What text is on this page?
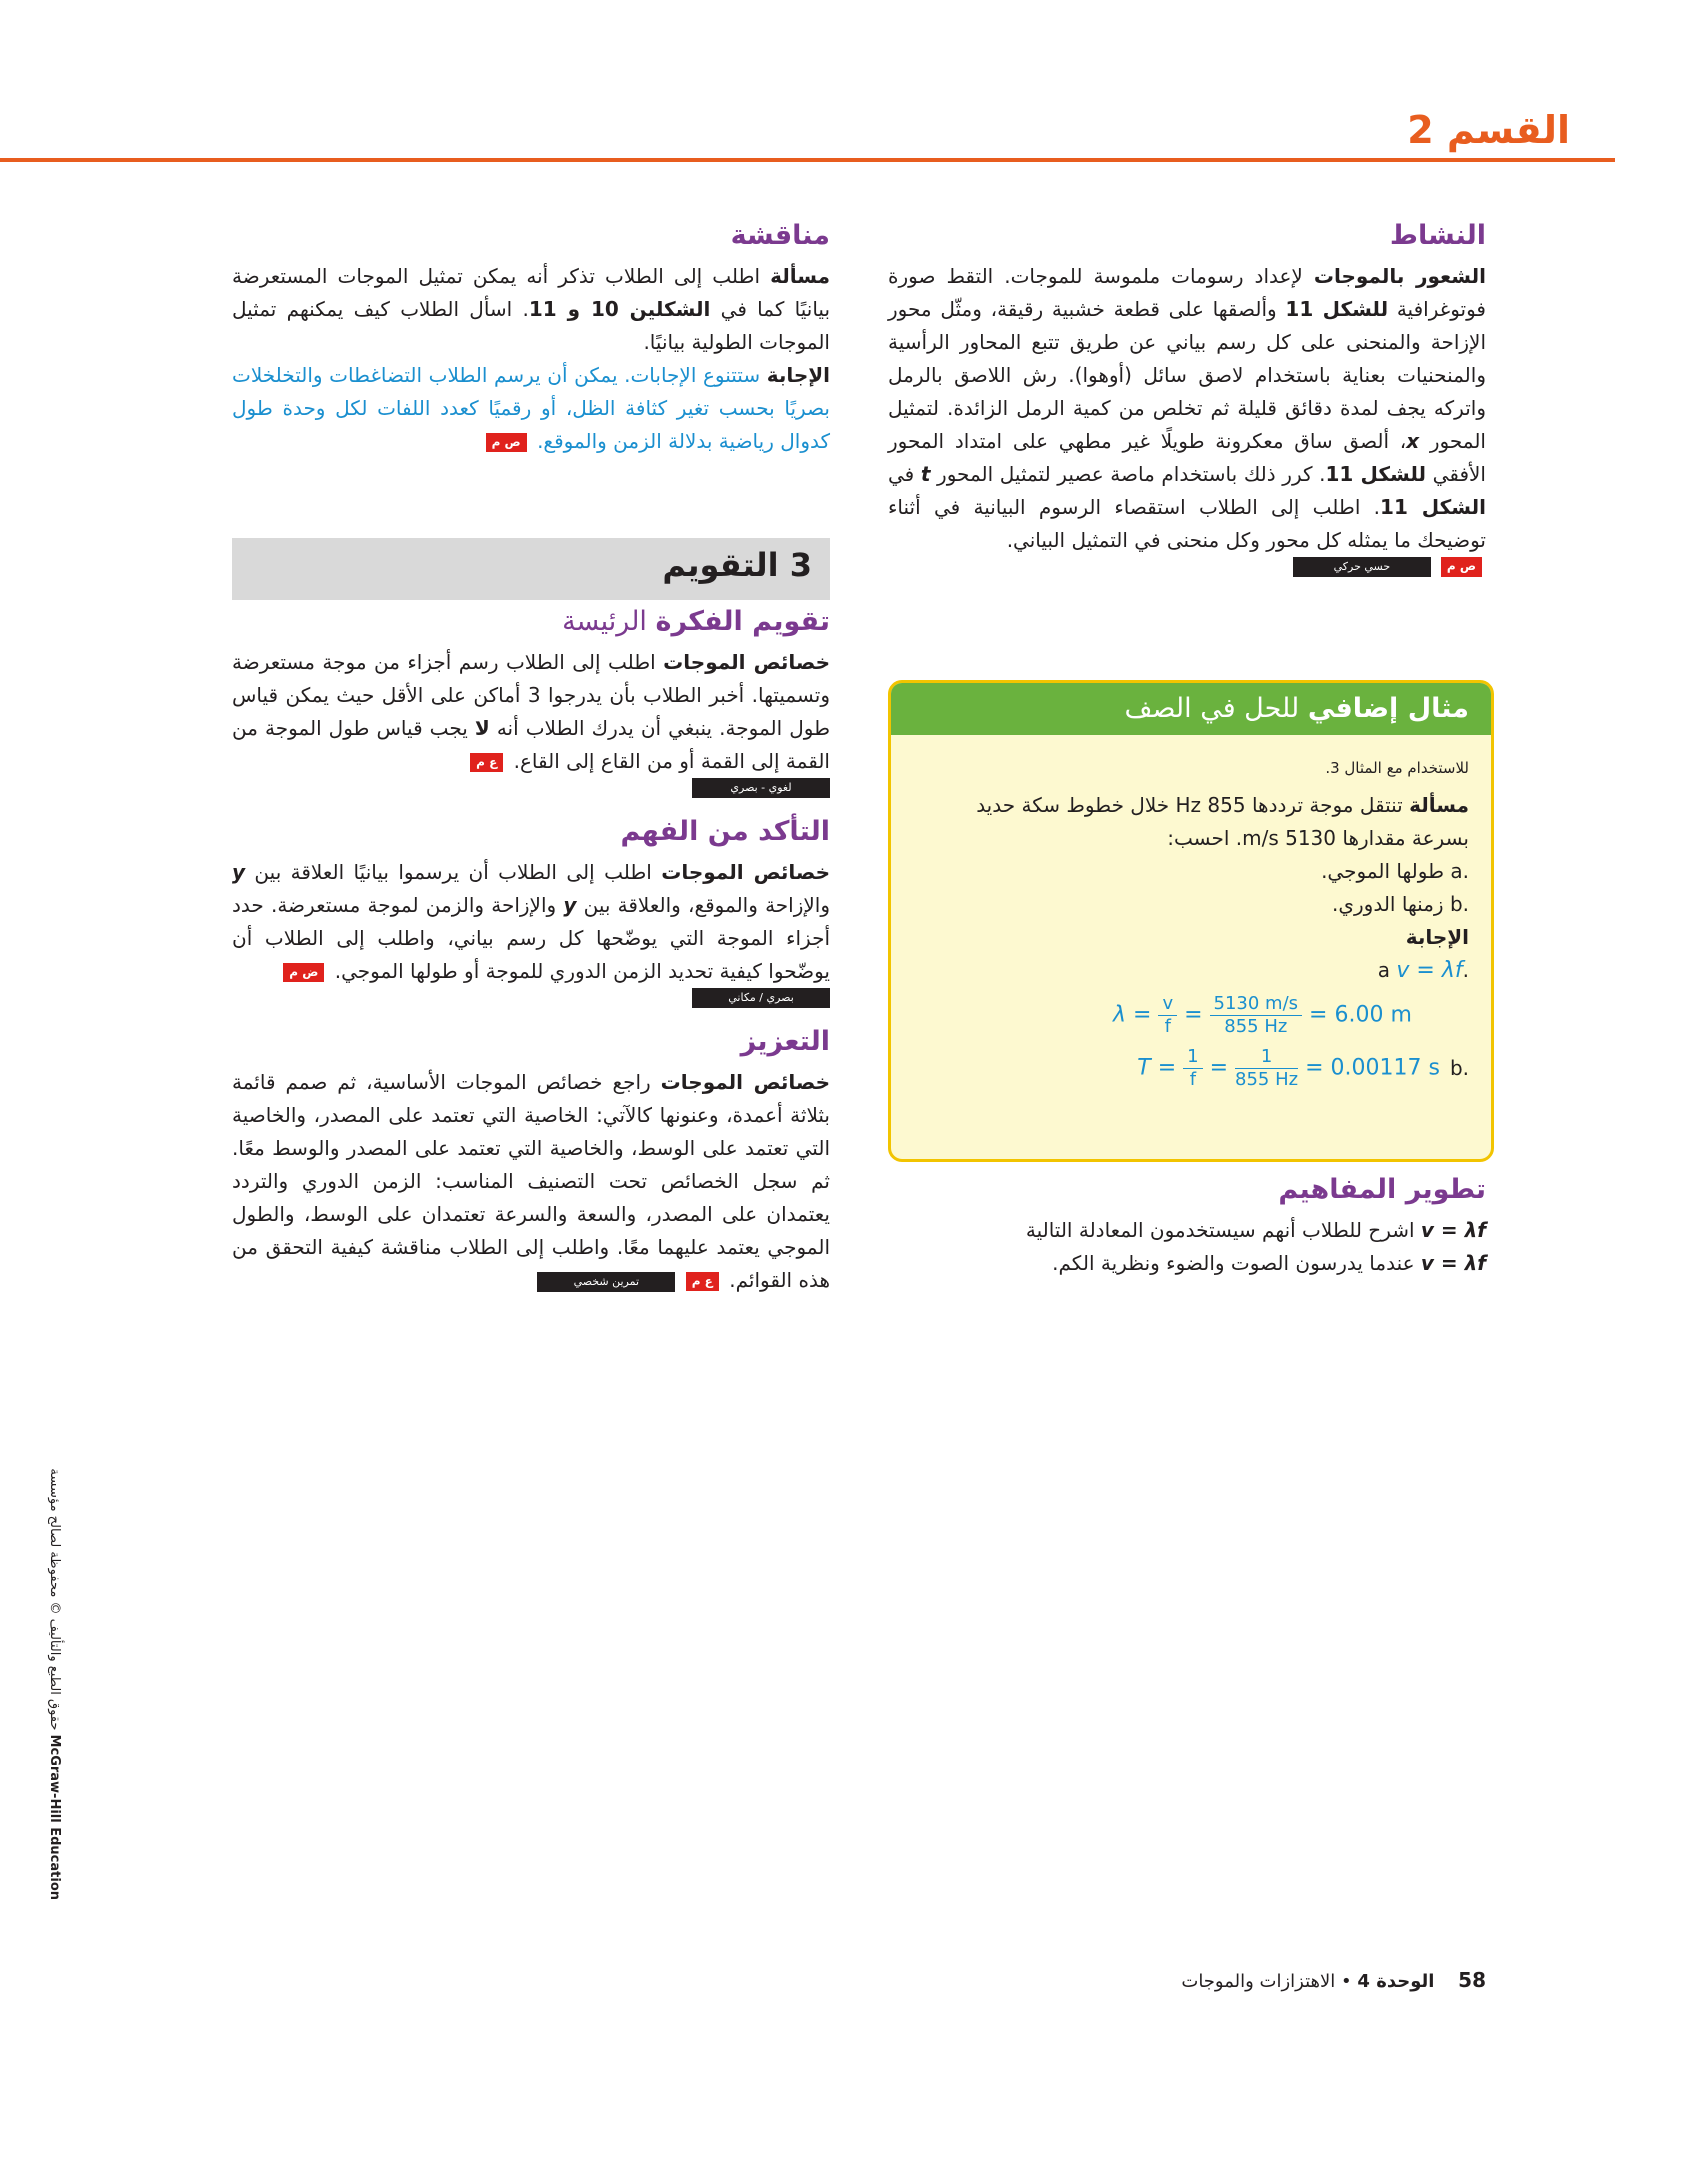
القسم 2
النشاط

الشعور بالموجات لإعداد رسومات ملموسة للموجات. التقط صورة فوتوغرافية للشكل 11 وألصقها على قطعة خشبية رقيقة، ومثّل محور الإزاحة والمنحنى على كل رسم بياني عن طريق تتبع المحاور الرأسية والمنحنيات بعناية باستخدام لاصق سائل (أوهوا). رش اللاصق بالرمل واتركه يجف لمدة دقائق قليلة ثم تخلص من كمية الرمل الزائدة. لتمثيل المحور x، ألصق ساق معكرونة طويلًا غير مطهي على امتداد المحور الأفقي للشكل 11. كرر ذلك باستخدام ماصة عصير لتمثيل المحور t في الشكل 11. اطلب إلى الطلاب استقصاء الرسوم البيانية في أثناء توضيحك ما يمثله كل محور وكل منحنى في التمثيل البياني.

حسي حركي	ص م
مثال إضافي للحل في الصف
للاستخدام مع المثال 3.

مسألة تنتقل موجة ترددها 855 Hz خلال خطوط سكة حديد بسرعة مقدارها 5130 m/s. احسب:

.a طولها الموجي.
.b زمنها الدوري.
الإجابة
.a v = λf
$\lambda = \frac{v}{f} = \frac{5130 m/s}{855 Hz} = 6.00$ m
.b
$T = \frac{1}{f} = \frac{1}{855 Hz} = 0.00117$ s
تطوير المفاهيم

v = λf اشرح للطلاب أنهم سيستخدمون المعادلة التالية

v = λf عندما يدرسون الصوت والضوء ونظرية الكم.

مناقشة

مسألة اطلب إلى الطلاب تذكر أنه يمكن تمثيل الموجات المستعرضة بيانيًا كما في الشكلين 10 و 11. اسأل الطلاب كيف يمكنهم تمثيل الموجات الطولية بيانيًا.

الإجابة ستتنوع الإجابات. يمكن أن يرسم الطلاب التضاغطات والتخلخلات بصريًا بحسب تغير كثافة الظل، أو رقميًا كعدد اللفات لكل وحدة طول كدوال رياضية بدلالة الزمن والموقع. ص م

3 التقويم
تقويم الفكرة الرئيسة

خصائص الموجات اطلب إلى الطلاب رسم أجزاء من موجة مستعرضة وتسميتها. أخبر الطلاب بأن يدرجوا 3 أماكن على الأقل حيث يمكن قياس طول الموجة. ينبغي أن يدرك الطلاب أنه لا يجب قياس طول الموجة من القمة إلى القمة أو من القاع إلى القاع. ع م

لغوي - بصري
التأكد من الفهم

خصائص الموجات اطلب إلى الطلاب أن يرسموا بيانيًا العلاقة بين y والإزاحة والموقع، والعلاقة بين y والإزاحة والزمن لموجة مستعرضة. حدد أجزاء الموجة التي يوضّحها كل رسم بياني، واطلب إلى الطلاب أن يوضّحوا كيفية تحديد الزمن الدوري للموجة أو طولها الموجي. ض م

بصري / مكاني
التعزيز

خصائص الموجات راجع خصائص الموجات الأساسية، ثم صمم قائمة بثلاثة أعمدة، وعنونها كالآتي: الخاصية التي تعتمد على المصدر، والخاصية التي تعتمد على الوسط، والخاصية التي تعتمد على المصدر والوسط معًا. ثم سجل الخصائص تحت التصنيف المناسب: الزمن الدوري والتردد يعتمدان على المصدر، والسعة والسرعة تعتمدان على الوسط، والطول الموجي يعتمد عليهما معًا. واطلب إلى الطلاب مناقشة كيفية التحقق من هذه القوائم. ع م تمرين شخصي

58 الوحدة 4 • الاهتزازات والموجات
McGraw-Hill Education حقوق الطبع والتأليف © محفوظة لصالح مؤسسة
